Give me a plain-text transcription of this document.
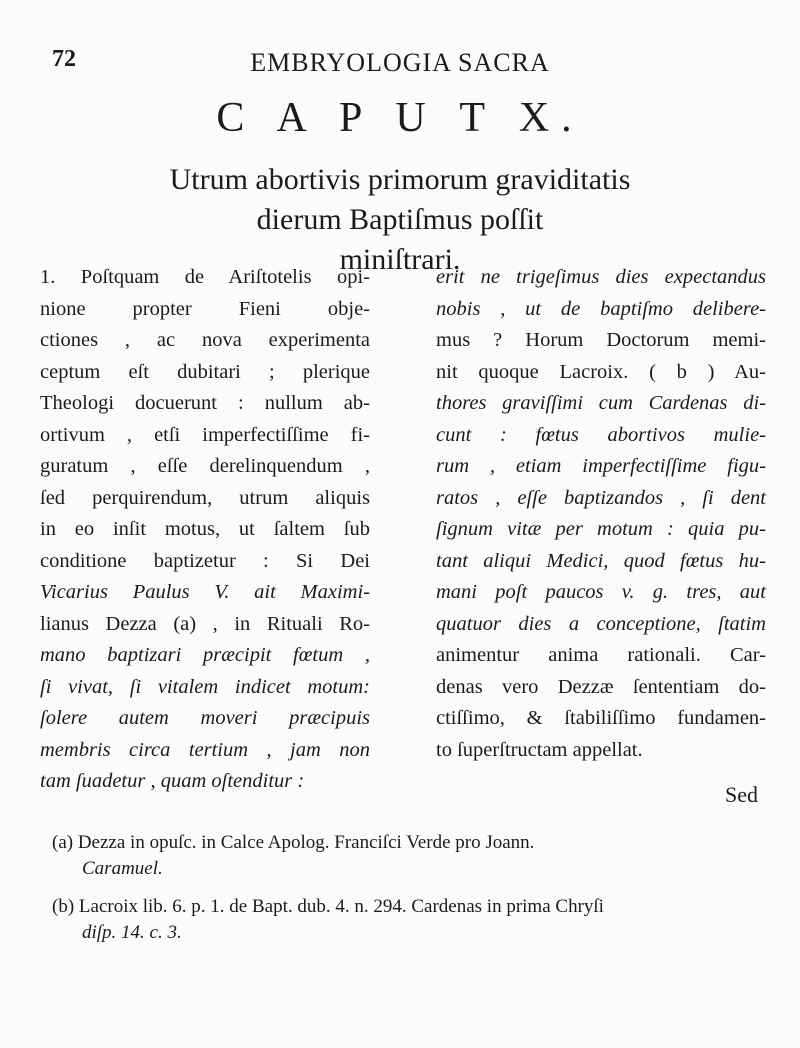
72	EMBRYOLOGIA SACRA
C A P U T X.
Utrum abortivis primorum graviditatis
dierum Baptiſmus poſſit
miniſtrari.
1. Poſtquam de Ariſtotelis opi-
nione propter Fieni obje-
ctiones , ac nova experimenta
ceptum eſt dubitari ; plerique
Theologi docuerunt : nullum ab-
ortivum , etſi imperfectiſſime fi-
guratum , eſſe derelinquendum ,
ſed perquirendum, utrum aliquis
in eo inſit motus, ut ſaltem ſub
conditione baptizetur : Si Dei
Vicarius Paulus V. ait Maximi-
lianus Dezza (a) , in Rituali Ro-
mano baptizari præcipit fœtum ,
ſi vivat, ſi vitalem indicet motum:
ſolere autem moveri præcipuis
membris circa tertium , jam non
tam ſuadetur , quam oſtenditur :
erit ne trigeſimus dies expectandus
nobis , ut de baptiſmo delibere-
mus ? Horum Doctorum memi-
nit quoque Lacroix. ( b ) Au-
thores graviſſimi cum Cardenas di-
cunt : fœtus abortivos mulie-
rum , etiam imperfectiſſime figu-
ratos , eſſe baptizandos , ſi dent
ſignum vitæ per motum : quia pu-
tant aliqui Medici, quod fœtus hu-
mani poſt paucos v. g. tres, aut
quatuor dies a conceptione, ſtatim
animentur anima rationali. Car-
denas vero Dezzæ ſententiam do-
ctiſſimo, & ſtabiliſſimo fundamen-
to ſuperſtructam appellat.
Sed
(a) Dezza in opuſc. in Calce Apolog. Franciſci Verde pro Joann.
Caramuel.
(b) Lacroix lib. 6. p. 1. de Bapt. dub. 4. n. 294. Cardenas in prima Chryſi
diſp. 14. c. 3.
